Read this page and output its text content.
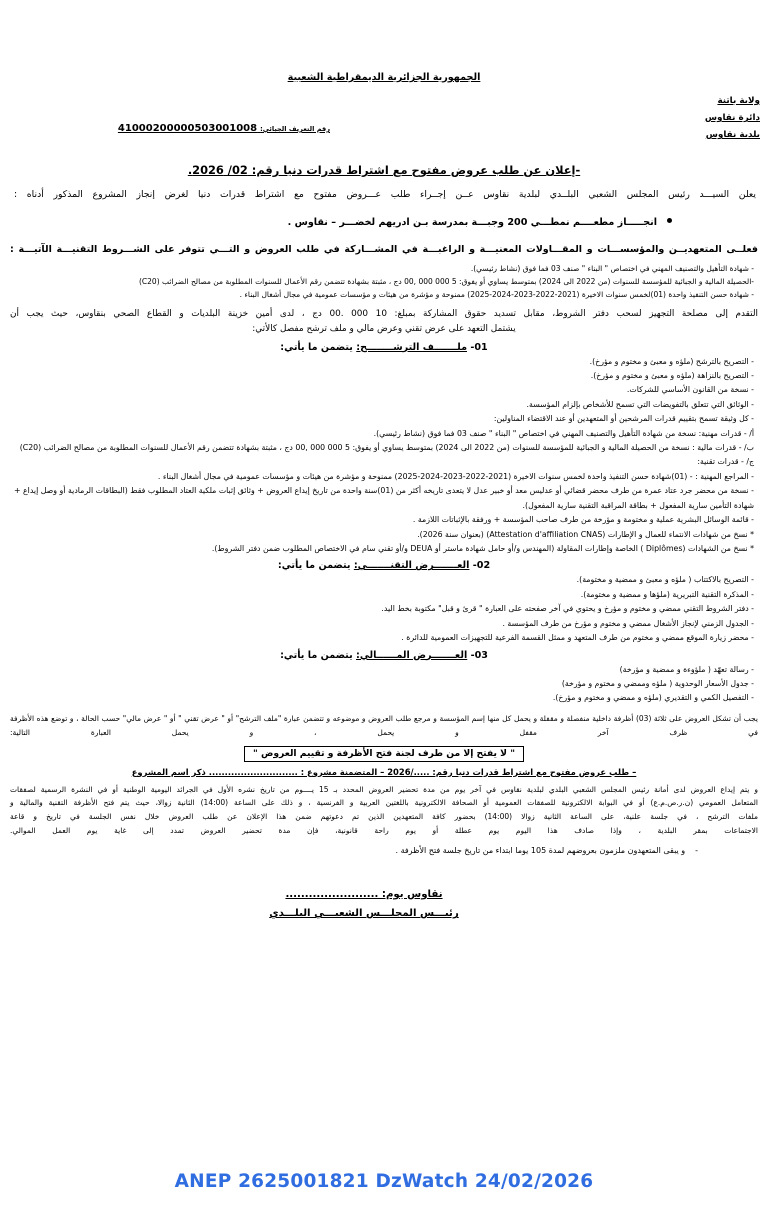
الجمهورية الجزائرية الديمقراطية الشعبية
ولاية باتنة
دائرة نقاوس
بلدية نقاوس
رقم التعريف الجبائي: 41000200000503001008
-إعلان عن طلب عروض مفتوح مع اشتراط قدرات دنيا رقم: 02/ 2026.
يعلن السيـــد رئيس المجلس الشعبي البلــدي لبلدية نقاوس عــن إجــراء طلب عـــروض مفتوح مع اشتراط قدرات دنيا لغرض إنجاز المشروع المذكور أدناه :
انجـــــاز مطعــــم نمطـــي 200 وجبـــة بمدرسة بـن ادريهم لخضـــر – نقاوس .
فعلــى المتعهديــن والمؤسســـات و المقـــاولات المعنيـــة و الراغبـــة في المشـــاركة في طلب العروض و التـــي تتوفر على الشـــروط التقنيـــة الآتيـــة :
- شهادة التأهيل والتصنيف المهني في اختصاص " البناء " صنف 03 فما فوق (نشاط رئيسي).
-الحصيلة المالية و الجبائية للمؤسسة للسنوات (من 2022 الى 2024) بمتوسط يساوي أو يفوق: 5 000 000 ,00 دج ، مثبتة بشهادة تتضمن رقم الأعمال للسنوات المطلوبة من مصالح الضرائب (C20)
- شهادة حسن التنفيذ واحدة (01)لخمس سنوات الاخيرة (2021-2022-2023-2024-2025) ممنوحة و مؤشرة من هيئات و مؤسسات عمومية في مجال أشغال البناء .
التقدم إلى مصلحة التجهيز لسحب دفتر الشروط، مقابل تسديد حقوق المشاركة بمبلغ: 10 000 .00 دج ، لدى أمين خزينة البلديات و القطاع الصحي بنقاوس، حيث يجب أن
يشتمل التعهد على عرض تقني وعرض مالي و ملف ترشح مفصل كالأتي:
01- ملـــــــف الترشــــــــح: يتضمن ما يأتي:
- التصريح بالترشح (ملؤه و معبئ و مختوم و مؤرخ).
- التصريح بالنزاهة (ملؤه و معبئ و مختوم و مؤرخ).
- نسخة من القانون الأساسي للشركات.
- الوثائق التي تتعلق بالتفويضات التي تسمح للأشخاص بإلزام المؤسسة.
- كل وثيقة تسمح بتقييم قدرات المرشحين أو المتعهدين أو عند الاقتضاء المناولين:
أ/ - قدرات مهنية: نسخة من شهادة التأهيل والتصنيف المهني في اختصاص " البناء " صنف 03 فما فوق (نشاط رئيسي).
ب/ - قدرات مالية : نسخة من الحصيلة المالية و الجبائية للمؤسسة للسنوات (من 2022 الى 2024) بمتوسط يساوي أو يفوق: 5 000 000 ,00 دج ، مثبتة بشهادة تتضمن رقم الأعمال للسنوات المطلوبة من مصالح الضرائب (C20)
ج/ - قدرات تقنية:
- المراجع المهنية : - (01)شهادة حسن التنفيذ واحدة لخمس سنوات الاخيرة (2021-2022-2023-2024-2025) ممنوحة و مؤشرة من هيئات و مؤسسات عمومية في مجال أشغال البناء .
- نسخة من محضر جرد عتاد عمرة من طرف محضر قضائي أو عدليس معد أو خبير عدل لا يتعدى تاريخه أكثر من (01)سنة واحدة من تاريخ إيداع العروض + وثائق إثبات ملكية العتاد المطلوب فقط (البطاقات الرمادية أو وصل إيداع + شهادة التأمين سارية المفعول + بطاقة المراقبة التقنية سارية المفعول).
- قائمة الوسائل البشرية عملية و مختومة و مؤرخة من طرف صاحب المؤسسة + ورفقة بالإثباتات اللازمة .
* نسخ من شهادات الانتماء للعمال و الإطارات (Attestation d'affiliation CNAS) (بعنوان سنة 2026).
* نسخ من الشهادات (Diplômes ) الخاصة وإطارات المقاولة (المهندس و/أو حامل شهادة ماستر أو DEUA و/أو تقني سام في الاختصاص المطلوب ضمن دفتر الشروط).
02- العـــــــرض التقنـــــــي: يتضمن ما يأتي:
- التصريح بالاكتتاب ( ملؤه و معبئ و ممضية و مختومة).
- المذكرة التقنية التبريرية (ملؤها و ممضية و مختومة).
- دفتر الشروط التقني ممضي و مختوم و مؤرخ و يحتوي في آخر صفحته على العبارة " قرئ و قبل" مكتوبة بخط اليد.
- الجدول الزمني لإنجاز الأشغال ممضي و مختوم و مؤرخ من طرف المؤسسة .
- محضر زيارة الموقع ممضي و مختوم من طرف المتعهد و ممثل القسمة الفرعية للتجهيزات العمومية للدائرة .
03- العـــــــرض المــــــالي: يتضمن ما يأتي:
- رسالة تعهّد ( ملؤوءة و ممضية و مؤرخة)
- جدول الأسعار الوحدوية ( ملؤه وممضي و مختوم و مؤرخة)
- التفصيل الكمي و التقديري (ملؤه و ممضي و مختوم و مؤرخ).
يجب أن تشكل العروض على ثلاثة (03) أظرفة داخلية منفصلة و مقفلة و يحمل كل منها إسم المؤسسة و مرجع طلب العروض و موضوعه و تتضمن عبارة "ملف الترشح" أو " عرض تقني " أو " عرض مالي" حسب الحالة ، و توضع هذه الأظرفة في ظرف آخر مقفل و يحمل ، و يحمل العبارة التالية:
" لا يفتح إلا من طرف لجنة فتح الأظرفة و تقييم العروض "
– طلب عروض مفتوح مع اشتراط قدرات دنيا رقم: ...../2026 – المتضمنة مشروع : ............................ ذكر اسم المشروع
و يتم إيداع العروض لدى أمانة رئيس المجلس الشعبي البلدي لبلدية نقاوس في آخر يوم من مدة تحضير العروض المحدد بـ 15 يــــوم من تاريخ نشره الأول في الجرائد اليومية الوطنية أو في النشرة الرسمية لصفقات
المتعامل العمومي (ن.ر.ص.م.ع) أو في البوابة الالكترونية للصفقات العمومية أو الصحافة الالكترونية باللغتين العربية و الفرنسية ، و ذلك على الساعة (14:00) الثانية زوالا، حيث يتم فتح الأظرفة التقنية والمالية و
ملفات الترشح ، في جلسة علنية، على الساعة الثانية زوالا (14:00) بحضور كافة المتعهدين الذين تم دعوتهم ضمن هذا الإعلان عن طلب العروض خلال نفس الجلسة في تاريخ و قاعة
الاجتماعات بمقر البلدية ، وإذا صادف هذا اليوم يوم عطلة أو يوم راحة قانونية، فإن مدة تحضير العروض تمدد إلى غاية يوم العمل الموالي.
-
و يبقى المتعهدون ملزمون بعروضهم لمدة 105 يوما ابتداء من تاريخ جلسة فتح الأظرفة .
نقاوس يوم: ........................
رئيـــس المجلـــس الشعبـــي البلـــدي
ANEP 2625001821 DzWatch 24/02/2026
